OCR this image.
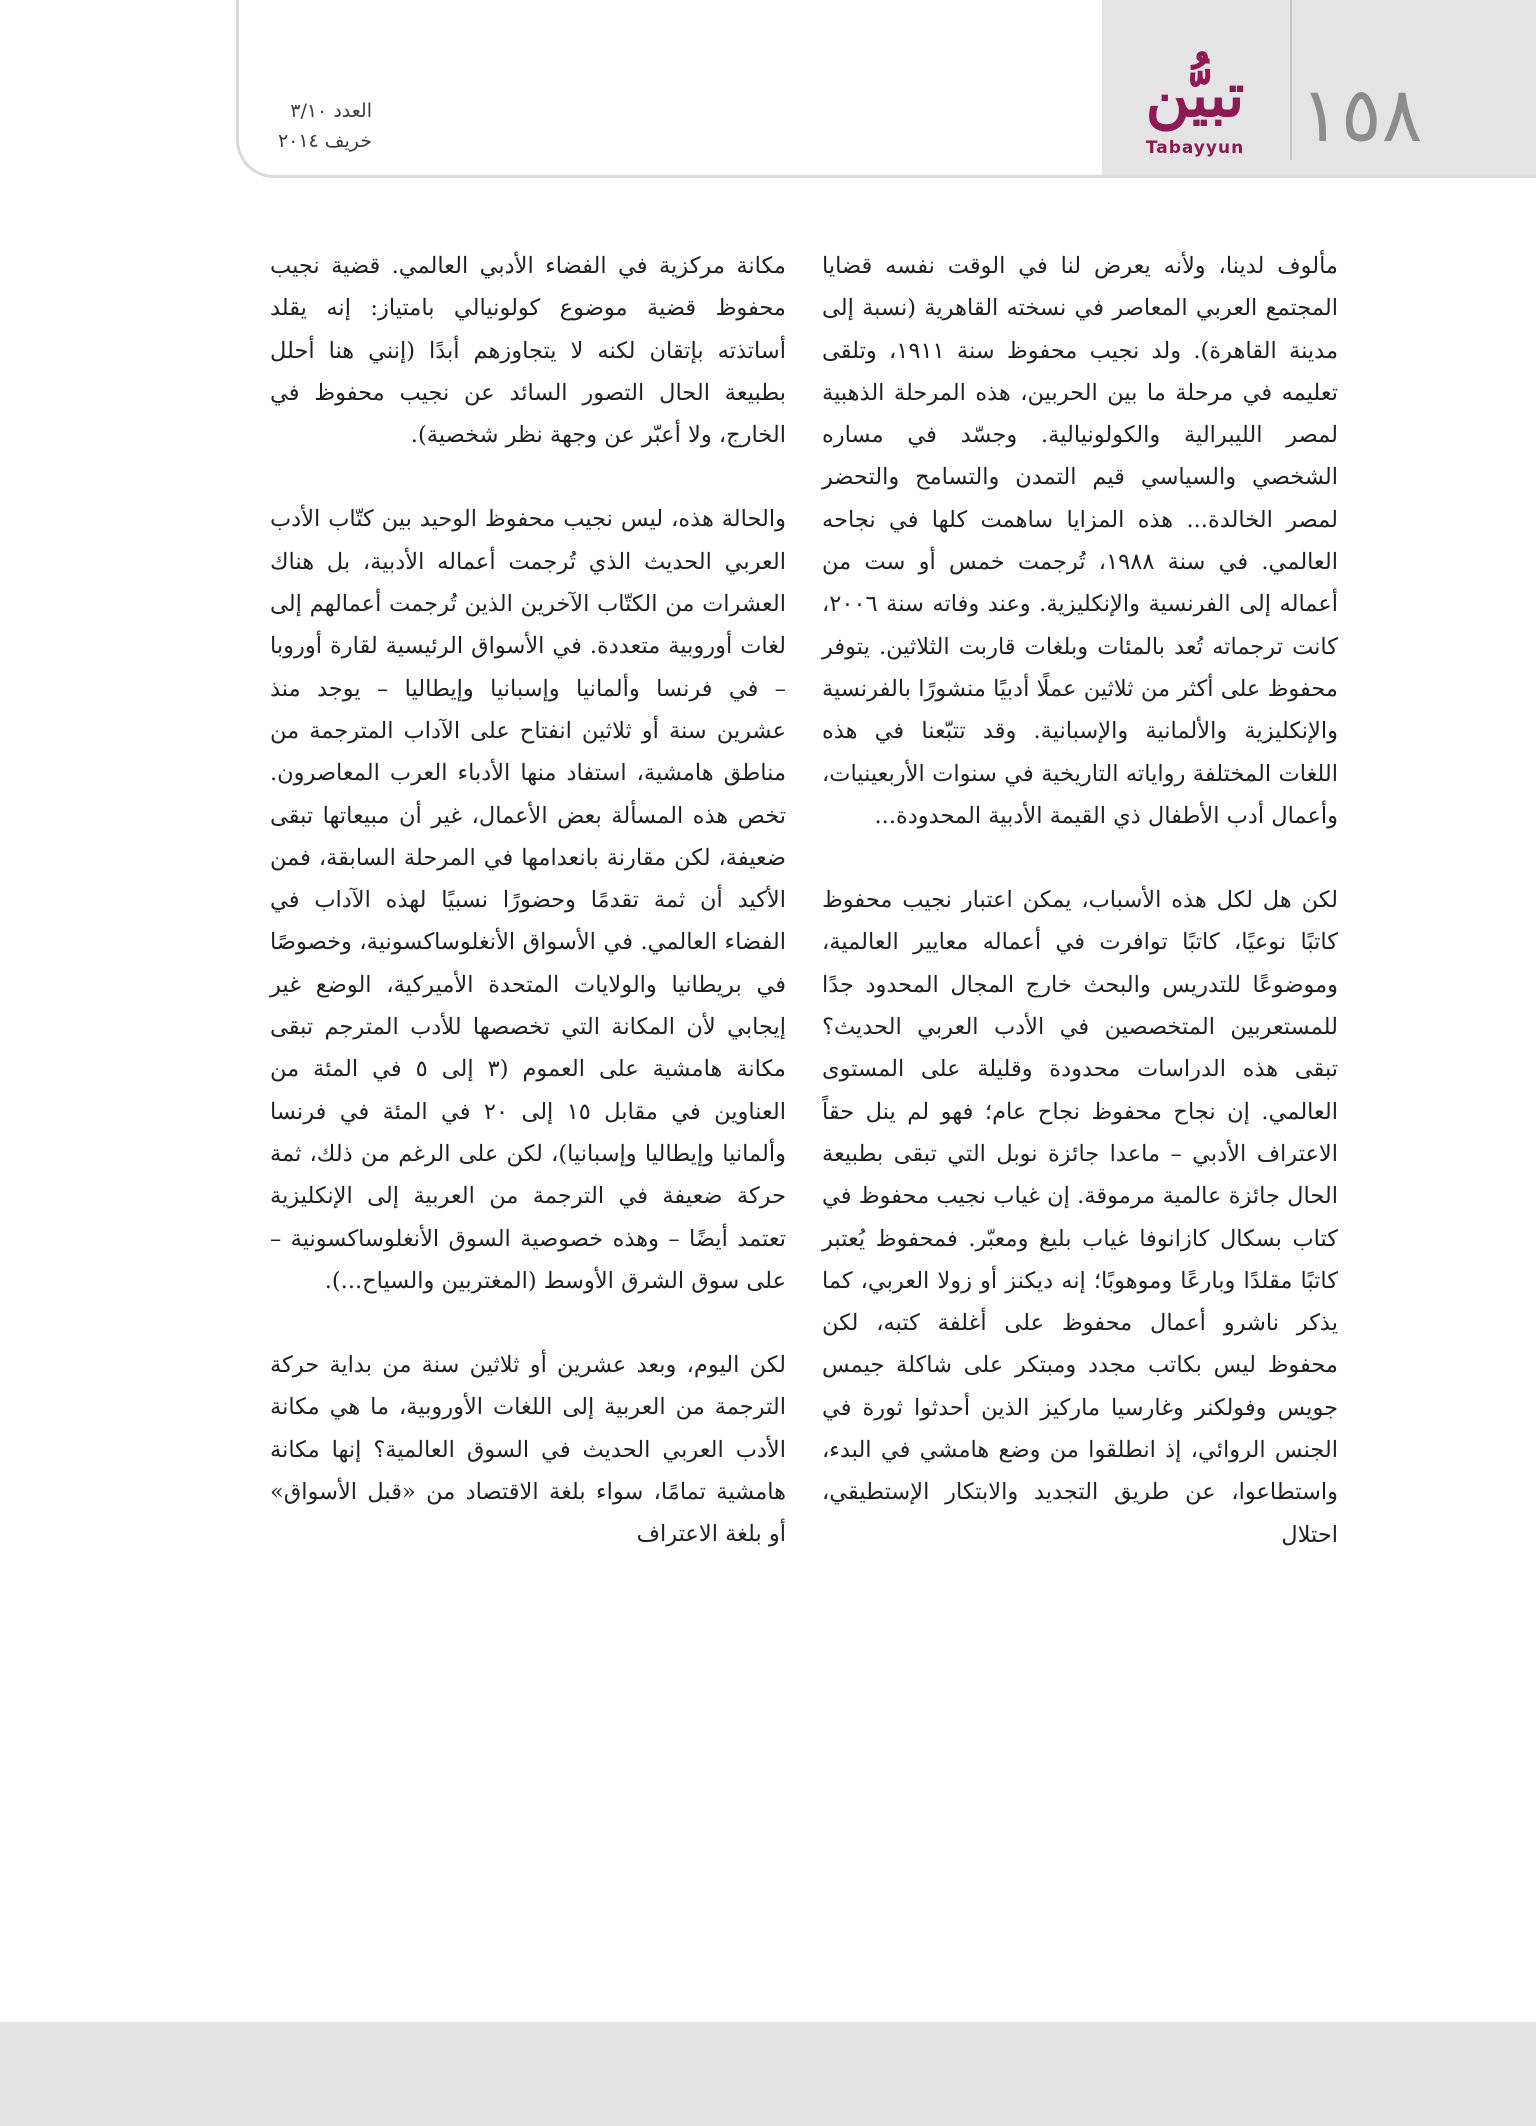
١٥٨
تبيُّن
Tabayyun
العدد ٣/١٠
خريف ٢٠١٤

مألوف لدينا، ولأنه يعرض لنا في الوقت نفسه قضايا المجتمع العربي المعاصر في نسخته القاهرية (نسبة إلى مدينة القاهرة). ولد نجيب محفوظ سنة ١٩١١، وتلقى تعليمه في مرحلة ما بين الحربين، هذه المرحلة الذهبية لمصر الليبرالية والكولونيالية. وجسّد في مساره الشخصي والسياسي قيم التمدن والتسامح والتحضر لمصر الخالدة... هذه المزايا ساهمت كلها في نجاحه العالمي. في سنة ١٩٨٨، تُرجمت خمس أو ست من أعماله إلى الفرنسية والإنكليزية. وعند وفاته سنة ٢٠٠٦، كانت ترجماته تُعد بالمئات وبلغات قاربت الثلاثين. يتوفر محفوظ على أكثر من ثلاثين عملًا أدبيًا منشورًا بالفرنسية والإنكليزية والألمانية والإسبانية. وقد تتبّعنا في هذه اللغات المختلفة رواياته التاريخية في سنوات الأربعينيات، وأعمال أدب الأطفال ذي القيمة الأدبية المحدودة...

لكن هل لكل هذه الأسباب، يمكن اعتبار نجيب محفوظ كاتبًا نوعيًا، كاتبًا توافرت في أعماله معايير العالمية، وموضوعًا للتدريس والبحث خارج المجال المحدود جدًا للمستعربين المتخصصين في الأدب العربي الحديث؟ تبقى هذه الدراسات محدودة وقليلة على المستوى العالمي. إن نجاح محفوظ نجاح عام؛ فهو لم ينل حقاً الاعتراف الأدبي – ماعدا جائزة نوبل التي تبقى بطبيعة الحال جائزة عالمية مرموقة. إن غياب نجيب محفوظ في كتاب بسكال كازانوفا غياب بليغ ومعبّر. فمحفوظ يُعتبر كاتبًا مقلدًا وبارعًا وموهوبًا؛ إنه ديكنز أو زولا العربي، كما يذكر ناشرو أعمال محفوظ على أغلفة كتبه، لكن محفوظ ليس بكاتب مجدد ومبتكر على شاكلة جيمس جويس وفولكنر وغارسيا ماركيز الذين أحدثوا ثورة في الجنس الروائي، إذ انطلقوا من وضع هامشي في البدء، واستطاعوا، عن طريق التجديد والابتكار الإستطيقي، احتلال

مكانة مركزية في الفضاء الأدبي العالمي. قضية نجيب محفوظ قضية موضوع كولونيالي بامتياز: إنه يقلد أساتذته بإتقان لكنه لا يتجاوزهم أبدًا (إنني هنا أحلل بطبيعة الحال التصور السائد عن نجيب محفوظ في الخارج، ولا أعبّر عن وجهة نظر شخصية).

والحالة هذه، ليس نجيب محفوظ الوحيد بين كتّاب الأدب العربي الحديث الذي تُرجمت أعماله الأدبية، بل هناك العشرات من الكتّاب الآخرين الذين تُرجمت أعمالهم إلى لغات أوروبية متعددة. في الأسواق الرئيسية لقارة أوروبا – في فرنسا وألمانيا وإسبانيا وإيطاليا – يوجد منذ عشرين سنة أو ثلاثين انفتاح على الآداب المترجمة من مناطق هامشية، استفاد منها الأدباء العرب المعاصرون. تخص هذه المسألة بعض الأعمال، غير أن مبيعاتها تبقى ضعيفة، لكن مقارنة بانعدامها في المرحلة السابقة، فمن الأكيد أن ثمة تقدمًا وحضورًا نسبيًا لهذه الآداب في الفضاء العالمي. في الأسواق الأنغلوساكسونية، وخصوصًا في بريطانيا والولايات المتحدة الأميركية، الوضع غير إيجابي لأن المكانة التي تخصصها للأدب المترجم تبقى مكانة هامشية على العموم (٣ إلى ٥ في المئة من العناوين في مقابل ١٥ إلى ٢٠ في المئة في فرنسا وألمانيا وإيطاليا وإسبانيا)، لكن على الرغم من ذلك، ثمة حركة ضعيفة في الترجمة من العربية إلى الإنكليزية تعتمد أيضًا – وهذه خصوصية السوق الأنغلوساكسونية – على سوق الشرق الأوسط (المغتربين والسياح...).

لكن اليوم، وبعد عشرين أو ثلاثين سنة من بداية حركة الترجمة من العربية إلى اللغات الأوروبية، ما هي مكانة الأدب العربي الحديث في السوق العالمية؟ إنها مكانة هامشية تمامًا، سواء بلغة الاقتصاد من «قبل الأسواق» أو بلغة الاعتراف
